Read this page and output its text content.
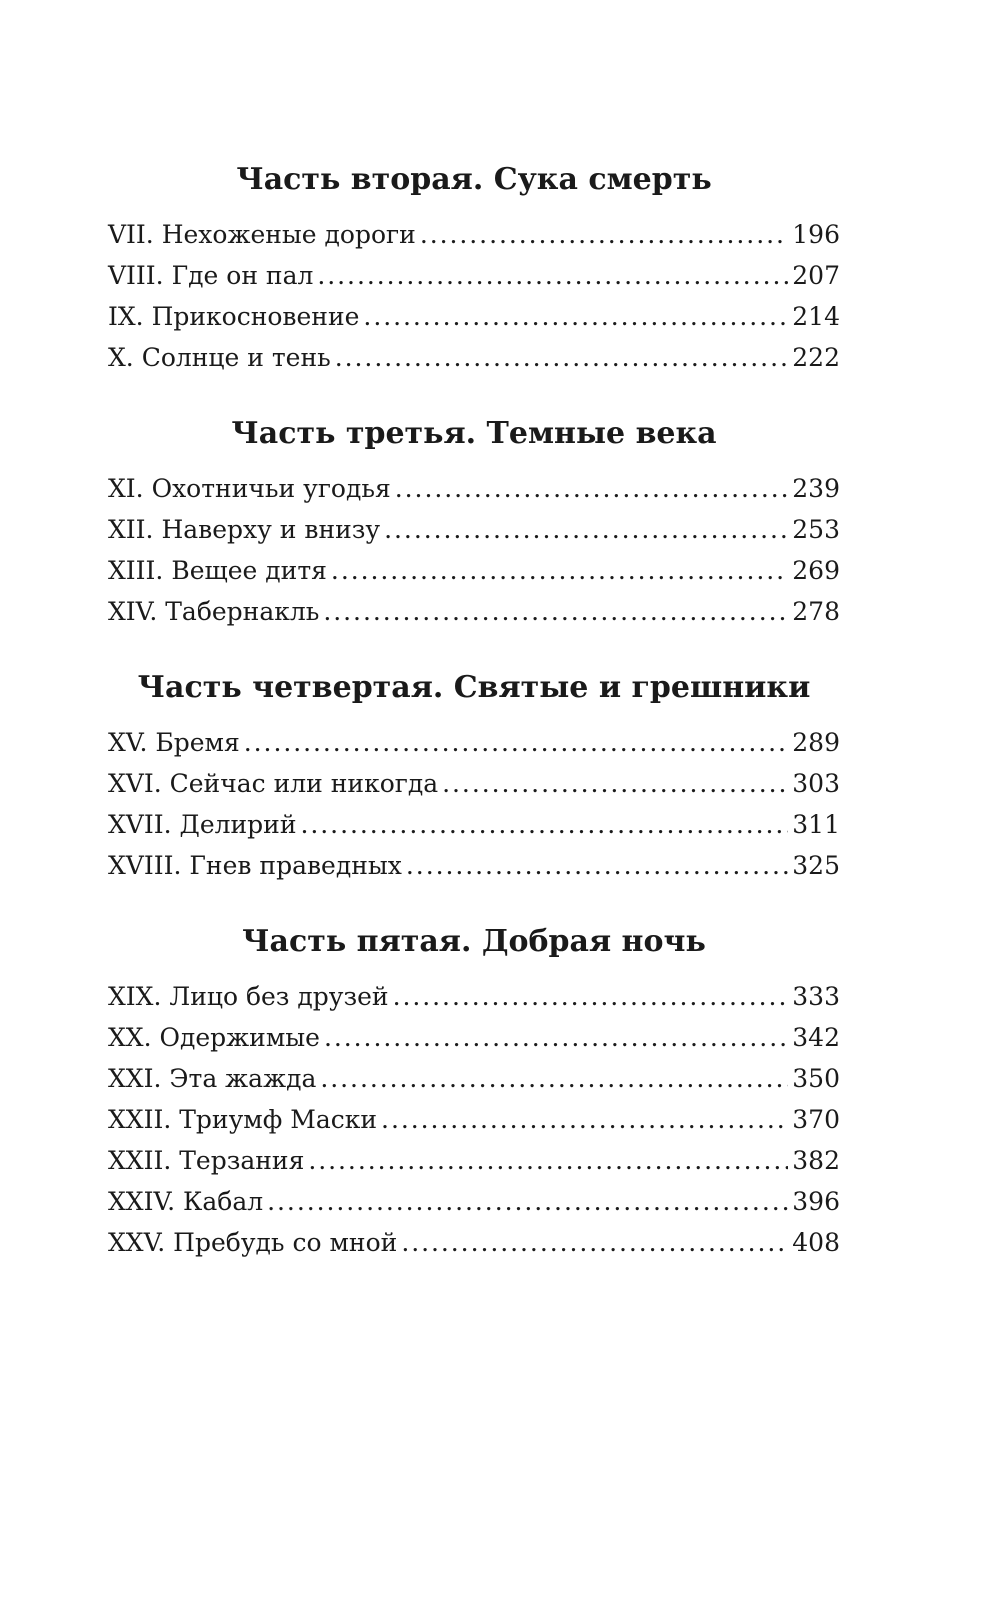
Часть вторая. Сука смерть
VII. Нехоженые дороги . . .	196
VIII. Где он пал . . .	207
IX. Прикосновение . . .	214
X. Солнце и тень . . .	222
Часть третья. Темные века
XI. Охотничьи угодья . . .	239
XII. Наверху и внизу . . .	253
XIII. Вещее дитя . . .	269
XIV. Табернакль . . .	278
Часть четвертая. Святые и грешники
XV. Бремя . . .	289
XVI. Сейчас или никогда . . .	303
XVII. Делирий . . .	311
XVIII. Гнев праведных . . .	325
Часть пятая. Добрая ночь
XIX. Лицо без друзей . . .	333
XX. Одержимые . . .	342
XXI. Эта жажда . . .	350
XXII. Триумф Маски . . .	370
XXII. Терзания . . .	382
XXIV. Кабал . . .	396
XXV. Пребудь со мной . . .	408
